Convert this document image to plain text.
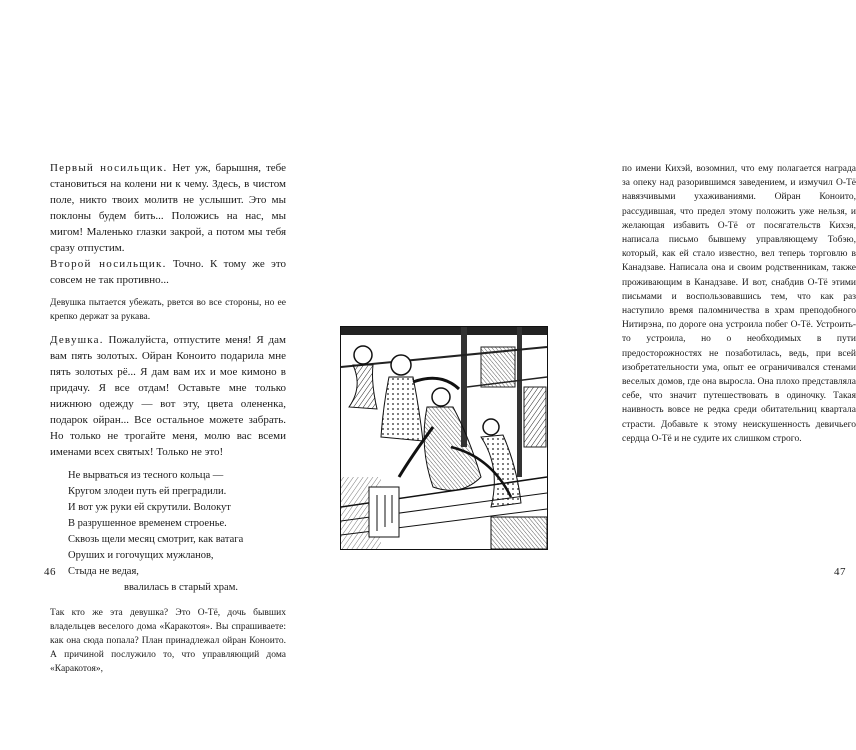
Первый носильщик. Нет уж, барышня, тебе становиться на колени ни к чему. Здесь, в чистом поле, никто твоих молитв не услышит. Это мы поклоны будем бить... Положись на нас, мы мигом! Маленько глазки закрой, а потом мы тебя сразу отпустим.

Второй носильщик. Точно. К тому же это совсем не так противно...

Девушка пытается убежать, рвется во все стороны, но ее крепко держат за рукава.

Девушка. Пожалуйста, отпустите меня! Я дам вам пять золотых. Ойран Коноито подарила мне пять золотых рё... Я дам вам их и мое кимоно в придачу. Я все отдам! Оставьте мне только нижнюю одежду — вот эту, цвета олененка, подарок ойран... Все остальное можете забрать. Но только не трогайте меня, молю вас всеми именами всех святых! Только не это!

Не вырваться из тесного кольца —
Кругом злодеи путь ей преградили.
И вот уж руки ей скрутили. Волокут
В разрушенное временем строенье.
Сквозь щели месяц смотрит, как ватага
Оруших и гогочущих мужланов,
Стыда не ведая,
ввалилась в старый храм.

Так кто же эта девушка? Это О-Тё, дочь бывших владельцев веселого дома «Каракотоя». Вы спрашиваете: как она сюда попала? План принадлежал ойран Коноито. А причиной послужило то, что управляющий дома «Каракотоя»,

46

по имени Кихэй, возомнил, что ему полагается награда за опеку над разорившимся заведением, и измучил О-Тё навязчивыми ухаживаниями. Ойран Коноито, рассудившая, что предел этому положить уже нельзя, и желающая избавить О-Тё от посягательств Кихэя, написала письмо бывшему управляющему Тобэю, который, как ей стало известно, вел теперь торговлю в Канадзаве. Написала она и своим родственникам, также проживающим в Канадзаве. И вот, снабдив О-Тё этими письмами и воспользовавшись тем, что как раз наступило время паломничества в храм преподобного Нитирэна, по дороге она устроила побег О-Тё. Устроить-то устроила, но о необходимых в пути предосторожностях не позаботилась, ведь, при всей изобретательности ума, опыт ее ограничивался стенами веселых домов, где она выросла. Она плохо представляла себе, что значит путешествовать в одиночку. Такая наивность вовсе не редка среди обитательниц квартала страсти. Добавьте к этому неискушенность девичьего сердца О-Тё и не судите их слишком строго.

47
